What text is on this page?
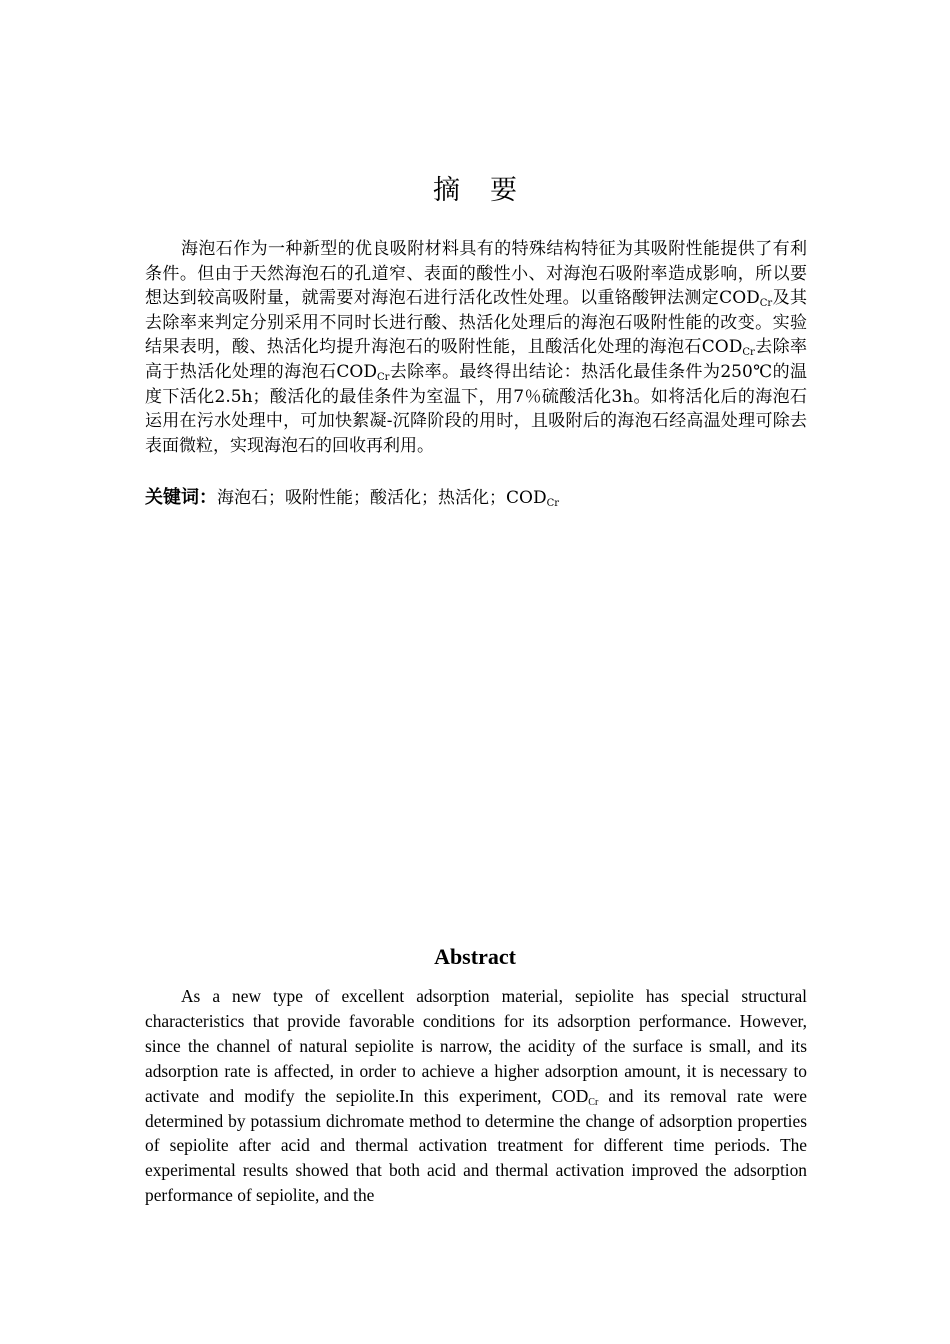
摘要

海泡石作为一种新型的优良吸附材料具有的特殊结构特征为其吸附性能提供了有利条件。但由于天然海泡石的孔道窄、表面的酸性小、对海泡石吸附率造成影响，所以要想达到较高吸附量，就需要对海泡石进行活化改性处理。以重铬酸钾法测定$COD_{Cr}$及其去除率来判定分别采用不同时长进行酸、热活化处理后的海泡石吸附性能的改变。实验结果表明，酸、热活化均提升海泡石的吸附性能，且酸活化处理的海泡石$COD_{Cr}$去除率高于热活化处理的海泡石$COD_{Cr}$去除率。最终得出结论：热活化最佳条件为250℃的温度下活化2.5h；酸活化的最佳条件为室温下，用7％硫酸活化3h。如将活化后的海泡石运用在污水处理中，可加快絮凝-沉降阶段的用时，且吸附后的海泡石经高温处理可除去表面微粒，实现海泡石的回收再利用。

关键词：海泡石；吸附性能；酸活化；热活化；$COD_{Cr}$

Abstract

As a new type of excellent adsorption material, sepiolite has special structural characteristics that provide favorable conditions for its adsorption performance. However, since the channel of natural sepiolite is narrow, the acidity of the surface is small, and its adsorption rate is affected, in order to achieve a higher adsorption amount, it is necessary to activate and modify the sepiolite.In this experiment, $COD_{Cr}$ and its removal rate were determined by potassium dichromate method to determine the change of adsorption properties of sepiolite after acid and thermal activation treatment for different time periods. The experimental results showed that both acid and thermal activation improved the adsorption performance of sepiolite, and the
